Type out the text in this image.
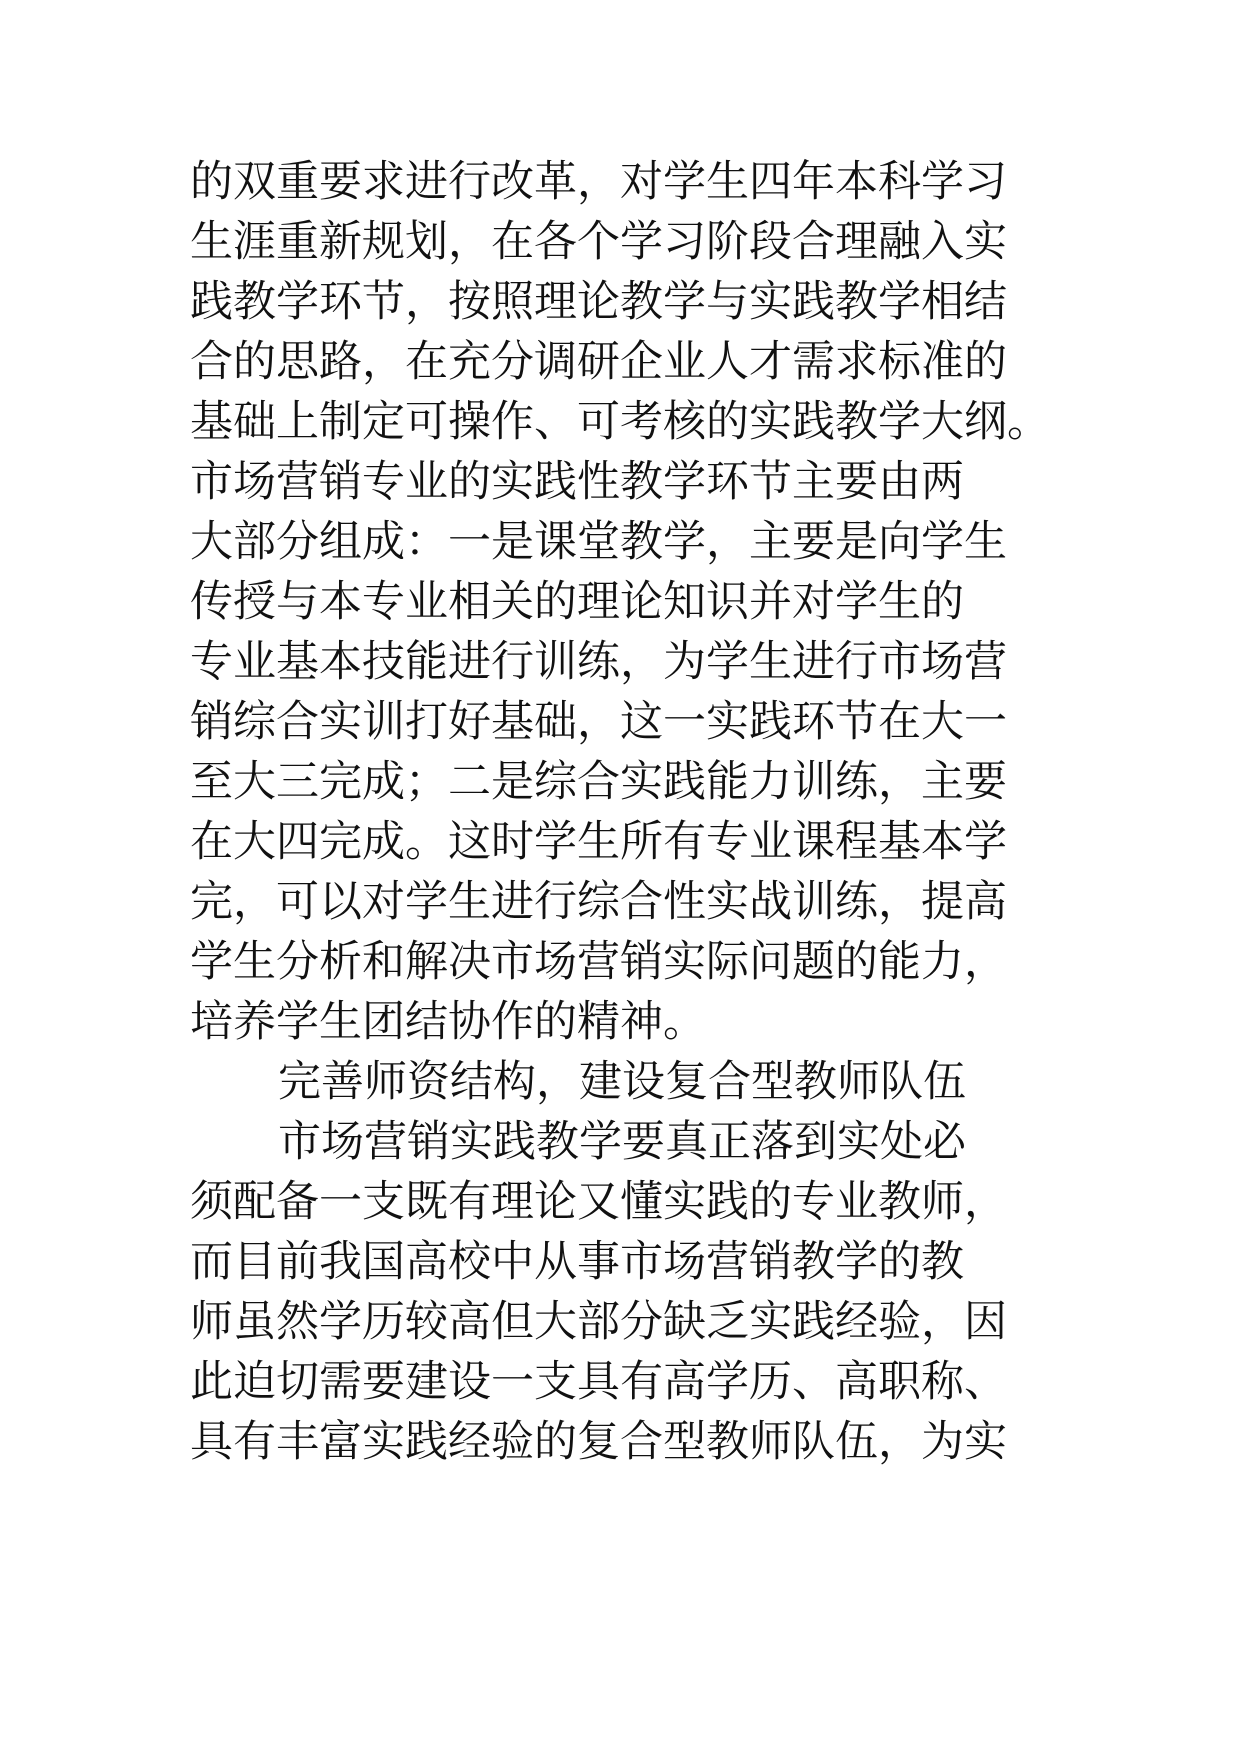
的双重要求进行改革，对学生四年本科学习
生涯重新规划，在各个学习阶段合理融入实
践教学环节，按照理论教学与实践教学相结
合的思路，在充分调研企业人才需求标准的
基础上制定可操作、可考核的实践教学大纲。
市场营销专业的实践性教学环节主要由两
大部分组成：一是课堂教学，主要是向学生
传授与本专业相关的理论知识并对学生的
专业基本技能进行训练，为学生进行市场营
销综合实训打好基础，这一实践环节在大一
至大三完成；二是综合实践能力训练，主要
在大四完成。这时学生所有专业课程基本学
完，可以对学生进行综合性实战训练，提高
学生分析和解决市场营销实际问题的能力，
培养学生团结协作的精神。
完善师资结构，建设复合型教师队伍
市场营销实践教学要真正落到实处必
须配备一支既有理论又懂实践的专业教师，
而目前我国高校中从事市场营销教学的教
师虽然学历较高但大部分缺乏实践经验，因
此迫切需要建设一支具有高学历、高职称、
具有丰富实践经验的复合型教师队伍，为实
